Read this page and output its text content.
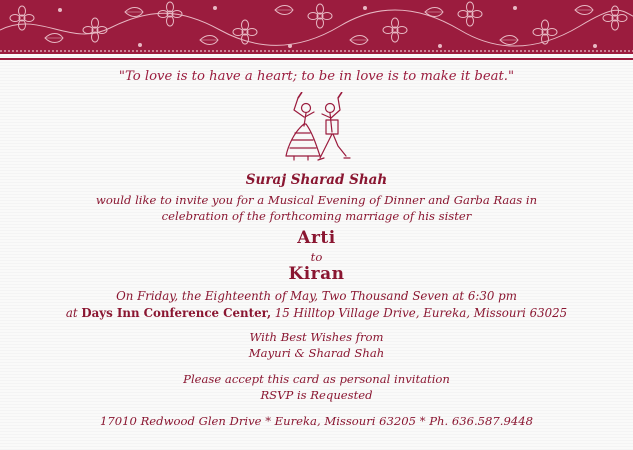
"To love is to have a heart; to be in love is to make it beat."
Suraj Sharad Shah
would like to invite you for a Musical Evening of Dinner and Garba Raas in
celebration of the forthcoming marriage of his sister
Arti
to
Kiran
On Friday, the Eighteenth of May, Two Thousand Seven at 6:30 pm
at Days Inn Conference Center, 15 Hilltop Village Drive, Eureka, Missouri 63025
With Best Wishes from
Mayuri & Sharad Shah
Please accept this card as personal invitation
RSVP is Requested
17010 Redwood Glen Drive * Eureka, Missouri 63205 * Ph. 636.587.9448
